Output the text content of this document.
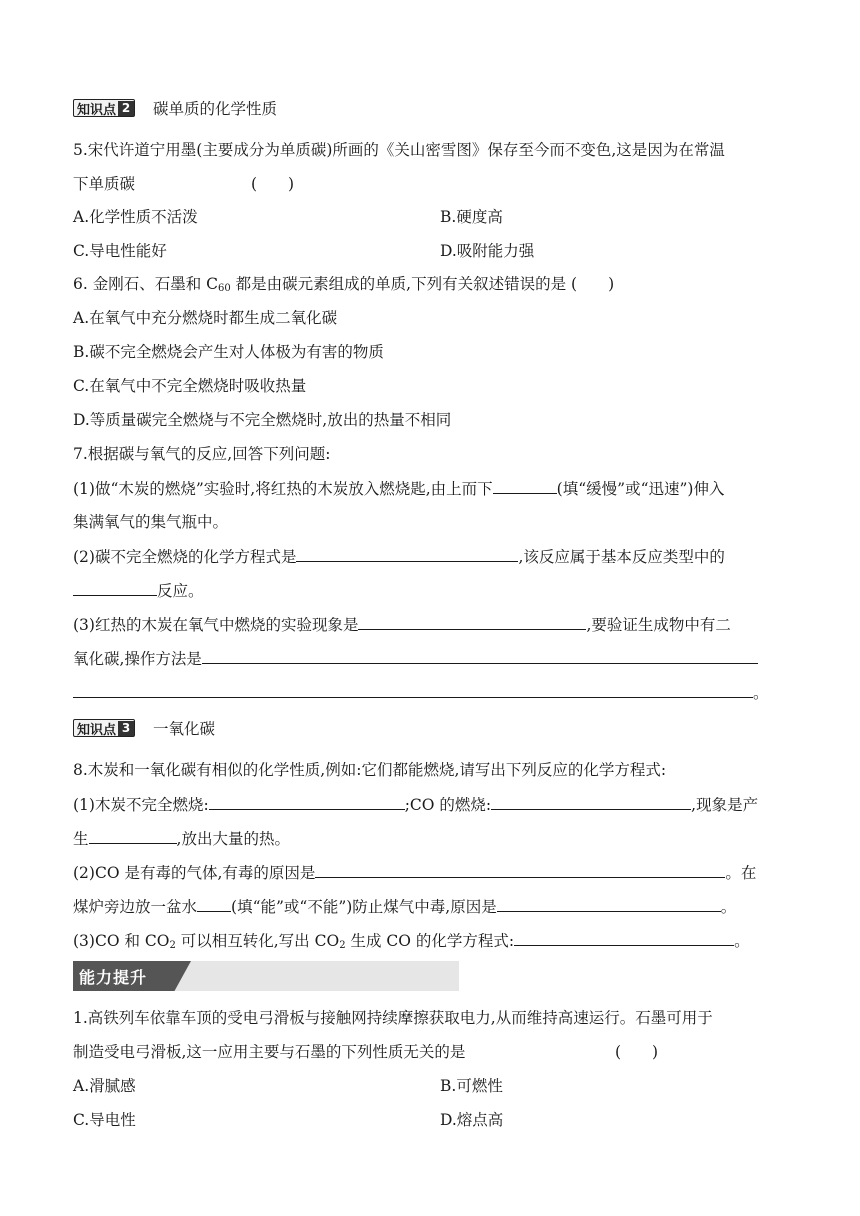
知识点 2 碳单质的化学性质
5.宋代许道宁用墨(主要成分为单质碳)所画的《关山密雪图》保存至今而不变色,这是因为在常温
下单质碳	(　　)
A.化学性质不活泼	B.硬度高
C.导电性能好	D.吸附能力强
6. 金刚石、石墨和 $C_{60}$ 都是由碳元素组成的单质,下列有关叙述错误的是 (　　)
A.在氧气中充分燃烧时都生成二氧化碳
B.碳不完全燃烧会产生对人体极为有害的物质
C.在氧气中不完全燃烧时吸收热量
D.等质量碳完全燃烧与不完全燃烧时,放出的热量不相同
7.根据碳与氧气的反应,回答下列问题:
(1)做“木炭的燃烧”实验时,将红热的木炭放入燃烧匙,由上而下	(填“缓慢”或“迅速”)伸入
集满氧气的集气瓶中。
(2)碳不完全燃烧的化学方程式是	,该反应属于基本反应类型中的
反应。
(3)红热的木炭在氧气中燃烧的实验现象是	,要验证生成物中有二
氧化碳,操作方法是
。
知识点 3 一氧化碳
8.木炭和一氧化碳有相似的化学性质,例如:它们都能燃烧,请写出下列反应的化学方程式:
(1)木炭不完全燃烧:	;CO 的燃烧:	,现象是产
生	,放出大量的热。
(2)CO 是有毒的气体,有毒的原因是	。在
煤炉旁边放一盆水 (填“能”或“不能”)防止煤气中毒,原因是	。
(3)CO 和 $CO_2$ 可以相互转化,写出 $CO_2$ 生成 CO 的化学方程式:	。
能力提升
1.高铁列车依靠车顶的受电弓滑板与接触网持续摩擦获取电力,从而维持高速运行。石墨可用于
制造受电弓滑板,这一应用主要与石墨的下列性质无关的是	(　　)
A.滑腻感	B.可燃性
C.导电性	D.熔点高
